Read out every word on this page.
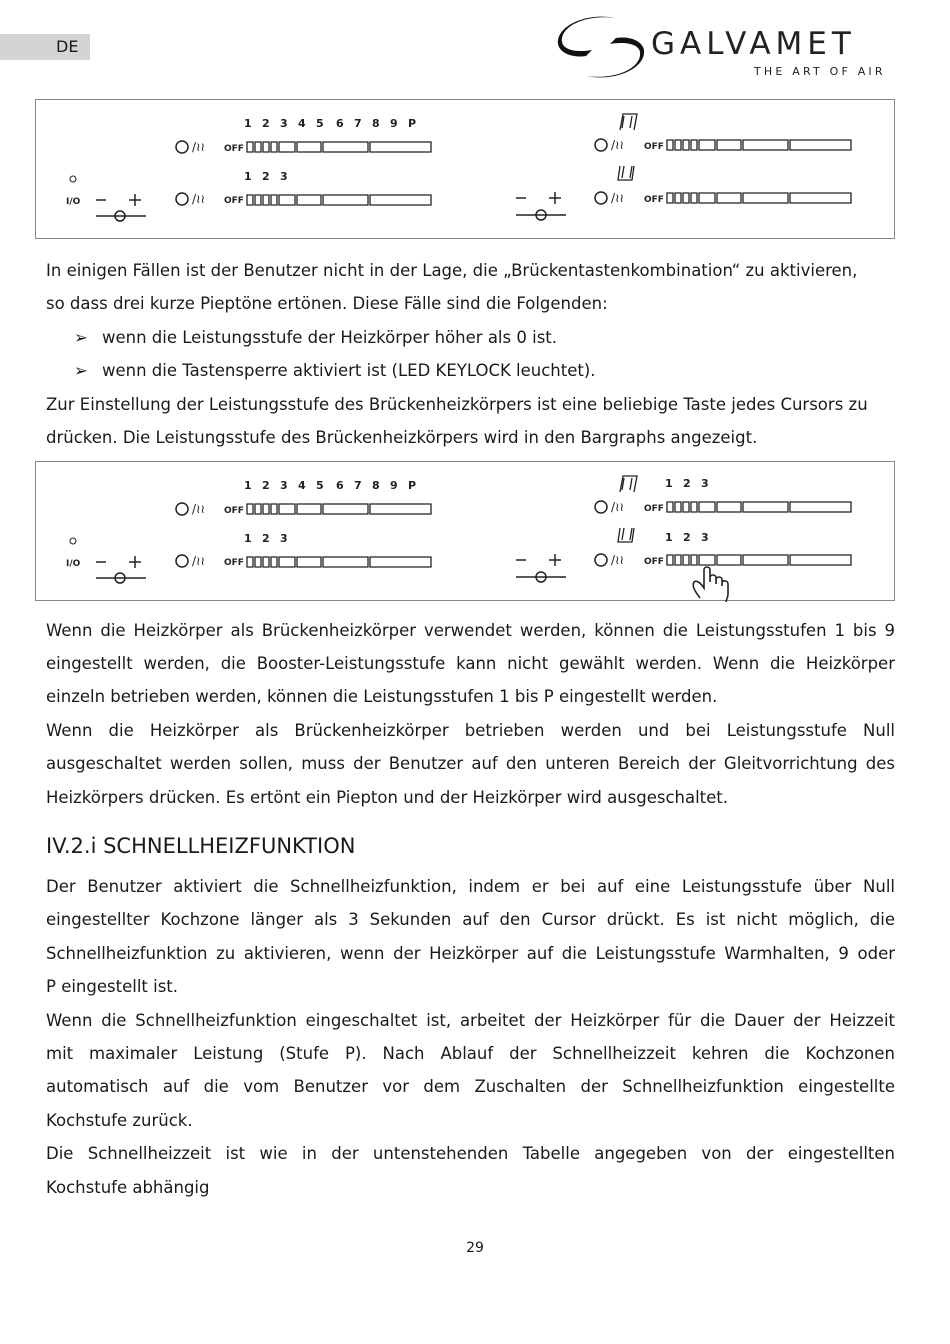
DE	GALVAMET
THE ART OF AIR
1 2 3 4 5 6 7 8 9 P
1 2 3
OFF
OFF
OFF
OFF
I/O
/≀≀
/≀≀
/≀≀
/≀≀

In einigen Fällen ist der Benutzer nicht in der Lage, die „Brückentastenkombination“ zu aktivieren,

so dass drei kurze Pieptöne ertönen. Diese Fälle sind die Folgenden:

➢ wenn die Leistungsstufe der Heizkörper höher als 0 ist.
➢ wenn die Tastensperre aktiviert ist (LED KEYLOCK leuchtet).

Zur Einstellung der Leistungsstufe des Brückenheizkörpers ist eine beliebige Taste jedes Cursors zu

drücken. Die Leistungsstufe des Brückenheizkörpers wird in den Bargraphs angezeigt.

1 2 3 4 5 6 7 8 9 P
1 2 3
1 2 3
1 2 3
OFF
OFF
OFF
OFF
I/O
/≀≀
/≀≀
/≀≀
/≀≀

Wenn die Heizkörper als Brückenheizkörper verwendet werden, können die Leistungsstufen 1 bis 9

eingestellt werden, die Booster-Leistungsstufe kann nicht gewählt werden. Wenn die Heizkörper

einzeln betrieben werden, können die Leistungsstufen 1 bis P eingestellt werden.

Wenn die Heizkörper als Brückenheizkörper betrieben werden und bei Leistungsstufe Null

ausgeschaltet werden sollen, muss der Benutzer auf den unteren Bereich der Gleitvorrichtung des

Heizkörpers drücken. Es ertönt ein Piepton und der Heizkörper wird ausgeschaltet.

IV.2.i SCHNELLHEIZFUNKTION

Der Benutzer aktiviert die Schnellheizfunktion, indem er bei auf eine Leistungsstufe über Null

eingestellter Kochzone länger als 3 Sekunden auf den Cursor drückt. Es ist nicht möglich, die

Schnellheizfunktion zu aktivieren, wenn der Heizkörper auf die Leistungsstufe Warmhalten, 9 oder

P eingestellt ist.

Wenn die Schnellheizfunktion eingeschaltet ist, arbeitet der Heizkörper für die Dauer der Heizzeit

mit maximaler Leistung (Stufe P). Nach Ablauf der Schnellheizzeit kehren die Kochzonen

automatisch auf die vom Benutzer vor dem Zuschalten der Schnellheizfunktion eingestellte

Kochstufe zurück.

Die Schnellheizzeit ist wie in der untenstehenden Tabelle angegeben von der eingestellten

Kochstufe abhängig

29
